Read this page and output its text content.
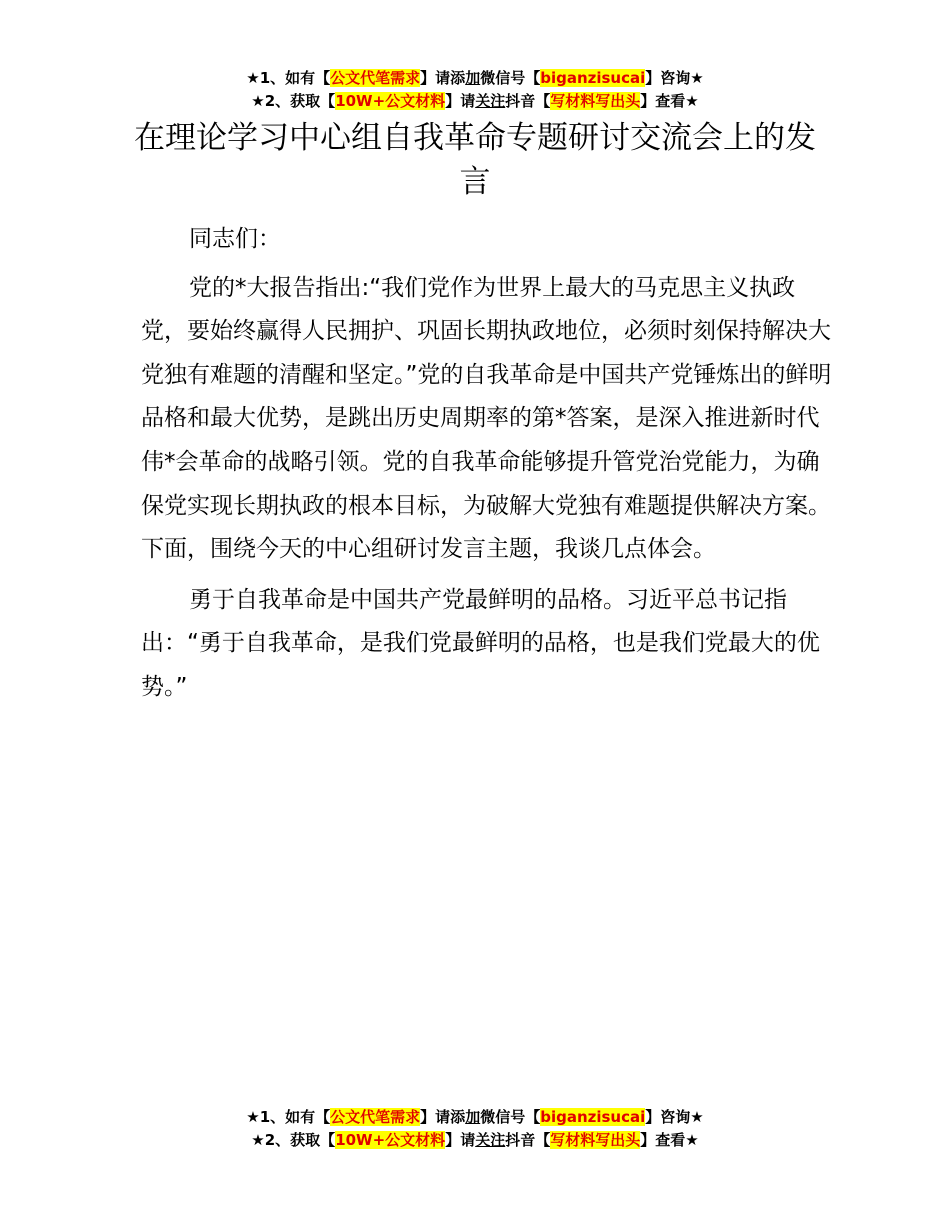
★1、如有【公文代笔需求】请添加微信号【biganzisucai】咨询★
★2、获取【10W+公文材料】请关注抖音【写材料写出头】查看★
在理论学习中心组自我革命专题研讨交流会上的发言

同志们：

党的*大报告指出:“我们党作为世界上最大的马克思主义执政党，要始终赢得人民拥护、巩固长期执政地位，必须时刻保持解决大党独有难题的清醒和坚定。”党的自我革命是中国共产党锤炼出的鲜明品格和最大优势，是跳出历史周期率的第*答案，是深入推进新时代伟*会革命的战略引领。党的自我革命能够提升管党治党能力，为确保党实现长期执政的根本目标，为破解大党独有难题提供解决方案。下面，围绕今天的中心组研讨发言主题，我谈几点体会。

勇于自我革命是中国共产党最鲜明的品格。习近平总书记指出：“勇于自我革命，是我们党最鲜明的品格，也是我们党最大的优势。”

★1、如有【公文代笔需求】请添加微信号【biganzisucai】咨询★
★2、获取【10W+公文材料】请关注抖音【写材料写出头】查看★
